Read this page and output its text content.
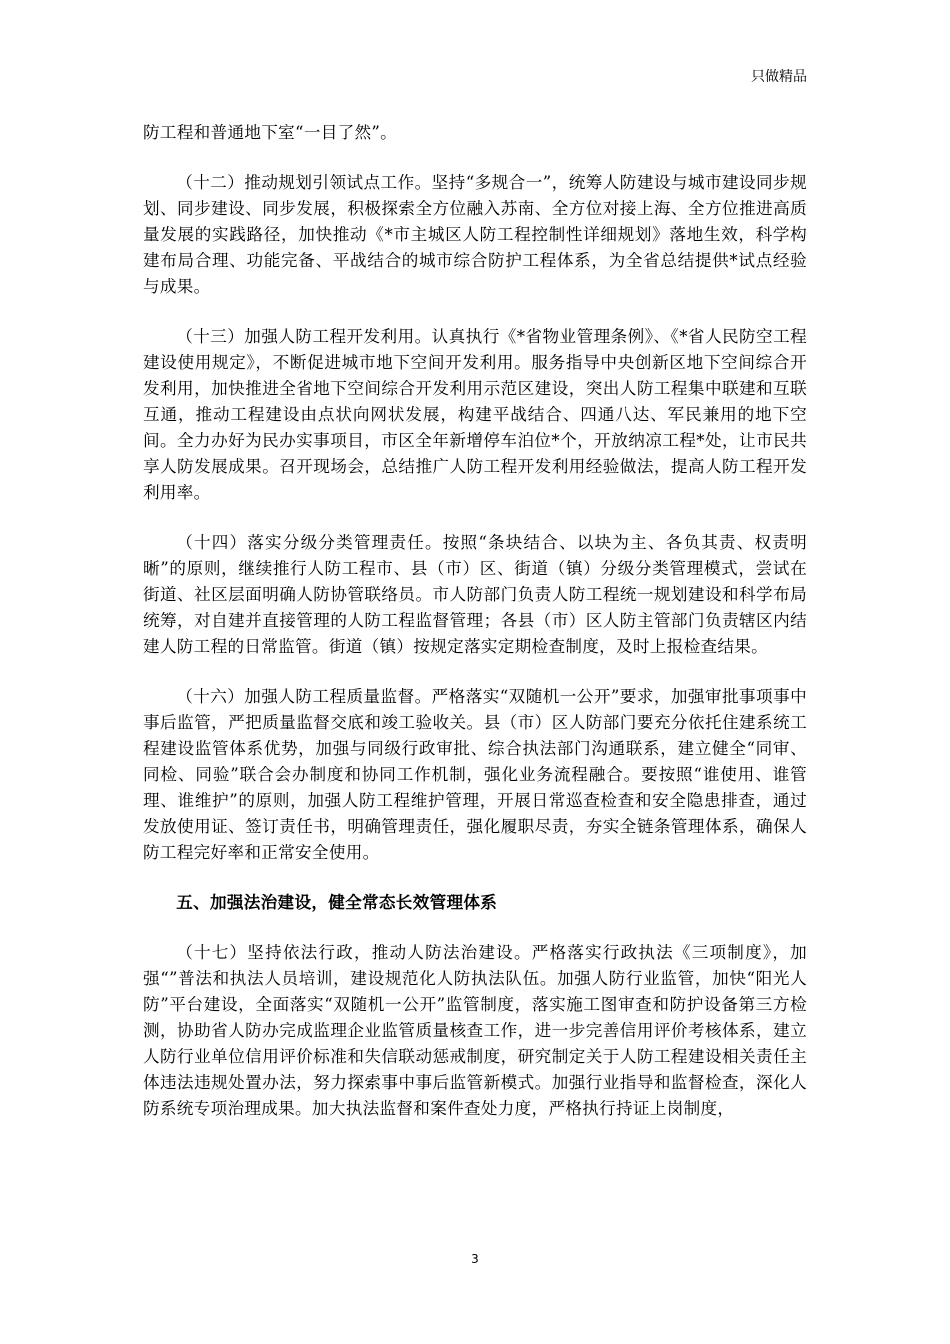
只做精品

防工程和普通地下室“一目了然”。

（十二）推动规划引领试点工作。坚持“多规合一”，统筹人防建设与城市建设同步规划、同步建设、同步发展，积极探索全方位融入苏南、全方位对接上海、全方位推进高质量发展的实践路径，加快推动《*市主城区人防工程控制性详细规划》落地生效，科学构建布局合理、功能完备、平战结合的城市综合防护工程体系，为全省总结提供*试点经验与成果。

（十三）加强人防工程开发利用。认真执行《*省物业管理条例》、《*省人民防空工程建设使用规定》，不断促进城市地下空间开发利用。服务指导中央创新区地下空间综合开发利用，加快推进全省地下空间综合开发利用示范区建设，突出人防工程集中联建和互联互通，推动工程建设由点状向网状发展，构建平战结合、四通八达、军民兼用的地下空间。全力办好为民办实事项目，市区全年新增停车泊位*个，开放纳凉工程*处，让市民共享人防发展成果。召开现场会，总结推广人防工程开发利用经验做法，提高人防工程开发利用率。

（十四）落实分级分类管理责任。按照“条块结合、以块为主、各负其责、权责明晰”的原则，继续推行人防工程市、县（市）区、街道（镇）分级分类管理模式，尝试在街道、社区层面明确人防协管联络员。市人防部门负责人防工程统一规划建设和科学布局统筹，对自建并直接管理的人防工程监督管理；各县（市）区人防主管部门负责辖区内结建人防工程的日常监管。街道（镇）按规定落实定期检查制度，及时上报检查结果。

（十六）加强人防工程质量监督。严格落实“双随机一公开”要求，加强审批事项事中事后监管，严把质量监督交底和竣工验收关。县（市）区人防部门要充分依托住建系统工程建设监管体系优势，加强与同级行政审批、综合执法部门沟通联系，建立健全“同审、同检、同验”联合会办制度和协同工作机制，强化业务流程融合。要按照“谁使用、谁管理、谁维护”的原则，加强人防工程维护管理，开展日常巡查检查和安全隐患排查，通过发放使用证、签订责任书，明确管理责任，强化履职尽责，夯实全链条管理体系，确保人防工程完好率和正常安全使用。

五、加强法治建设，健全常态长效管理体系

（十七）坚持依法行政，推动人防法治建设。严格落实行政执法《三项制度》，加强“”普法和执法人员培训，建设规范化人防执法队伍。加强人防行业监管，加快“阳光人防”平台建设，全面落实“双随机一公开”监管制度，落实施工图审查和防护设备第三方检测，协助省人防办完成监理企业监管质量核查工作，进一步完善信用评价考核体系，建立人防行业单位信用评价标准和失信联动惩戒制度，研究制定关于人防工程建设相关责任主体违法违规处置办法，努力探索事中事后监管新模式。加强行业指导和监督检查，深化人防系统专项治理成果。加大执法监督和案件查处力度，严格执行持证上岗制度，

3
